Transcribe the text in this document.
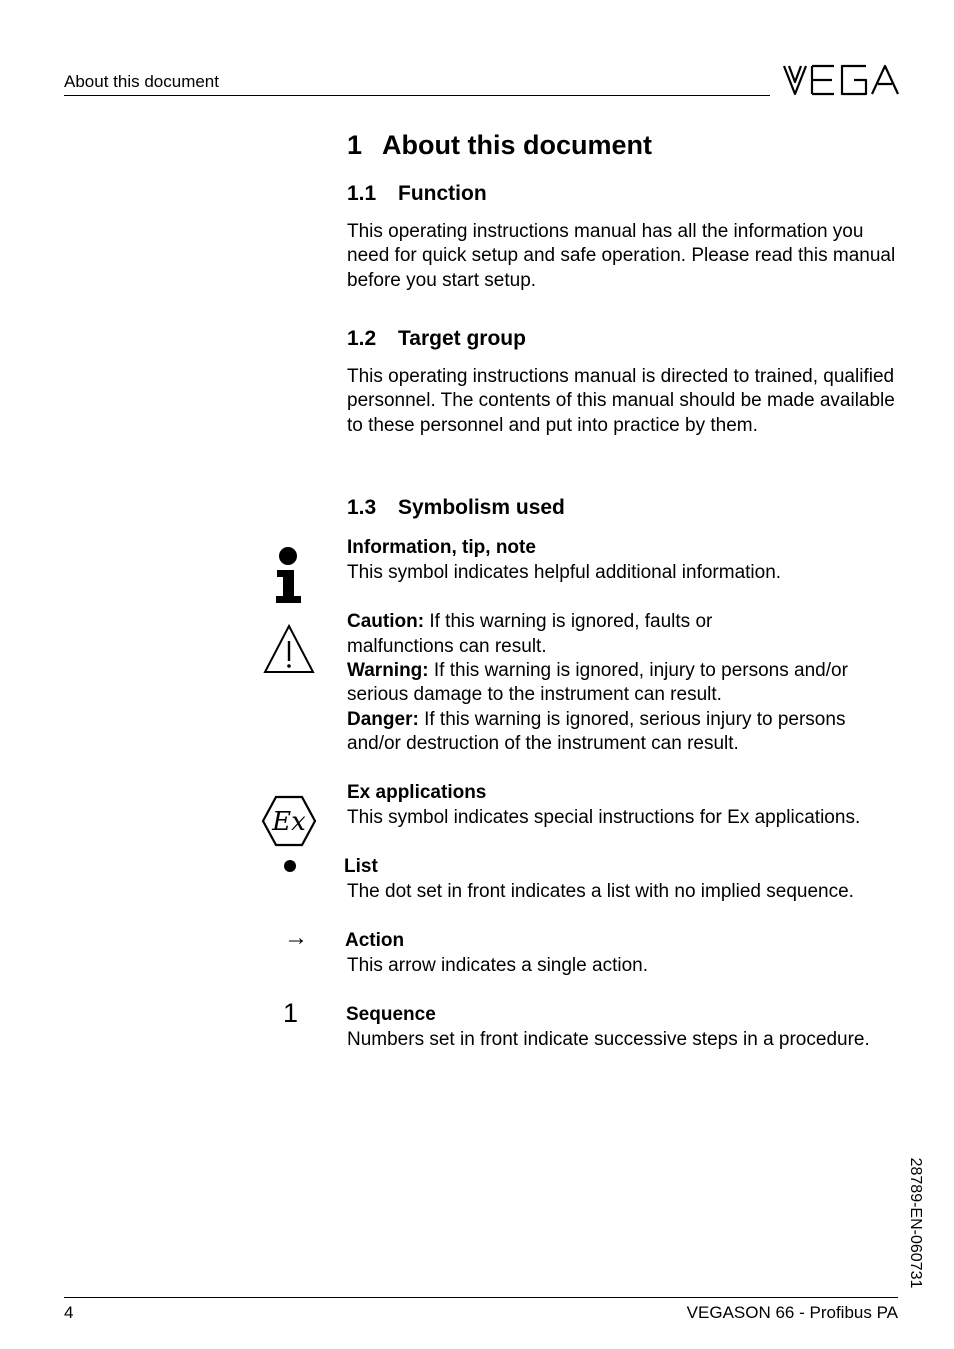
About this document
1 About this document
1.1 Function
This operating instructions manual has all the information you need for quick setup and safe operation. Please read this manual before you start setup.
1.2 Target group
This operating instructions manual is directed to trained, qualified personnel. The contents of this manual should be made available to these personnel and put into practice by them.
1.3 Symbolism used
Information, tip, note
This symbol indicates helpful additional information.
Caution: If this warning is ignored, faults or
malfunctions can result.
Warning: If this warning is ignored, injury to persons and/or
serious damage to the instrument can result.
Danger: If this warning is ignored, serious injury to persons
and/or destruction of the instrument can result.
Ex
Ex applications
This symbol indicates special instructions for Ex applications.
List
The dot set in front indicates a list with no implied sequence.
→ Action
This arrow indicates a single action.
1	Sequence
Numbers set in front indicate successive steps in a procedure.
28789-EN-060731
4	VEGASON 66 - Profibus PA
